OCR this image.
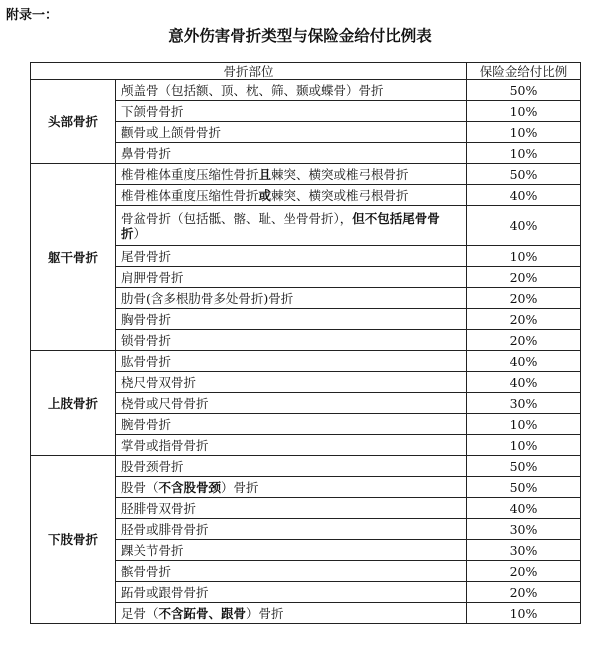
附录一：
意外伤害骨折类型与保险金给付比例表
骨折部位		保险金给付比例
头部骨折	颅盖骨（包括额、顶、枕、筛、颞或蝶骨）骨折	50%
	下颌骨骨折	10%
	颧骨或上颌骨骨折	10%
	鼻骨骨折	10%
躯干骨折	椎骨椎体重度压缩性骨折且棘突、横突或椎弓根骨折	50%
	椎骨椎体重度压缩性骨折或棘突、横突或椎弓根骨折	40%
	骨盆骨折（包括骶、髂、耻、坐骨骨折），但不包括尾骨骨折）	40%
	尾骨骨折	10%
	肩胛骨骨折	20%
	肋骨(含多根肋骨多处骨折)骨折	20%
	胸骨骨折	20%
	锁骨骨折	20%
上肢骨折	肱骨骨折	40%
	桡尺骨双骨折	40%
	桡骨或尺骨骨折	30%
	腕骨骨折	10%
	掌骨或指骨骨折	10%
下肢骨折	股骨颈骨折	50%
	股骨（不含股骨颈）骨折	50%
	胫腓骨双骨折	40%
	胫骨或腓骨骨折	30%
	踝关节骨折	30%
	髌骨骨折	20%
	跖骨或跟骨骨折	20%
	足骨（不含跖骨、跟骨）骨折	10%
